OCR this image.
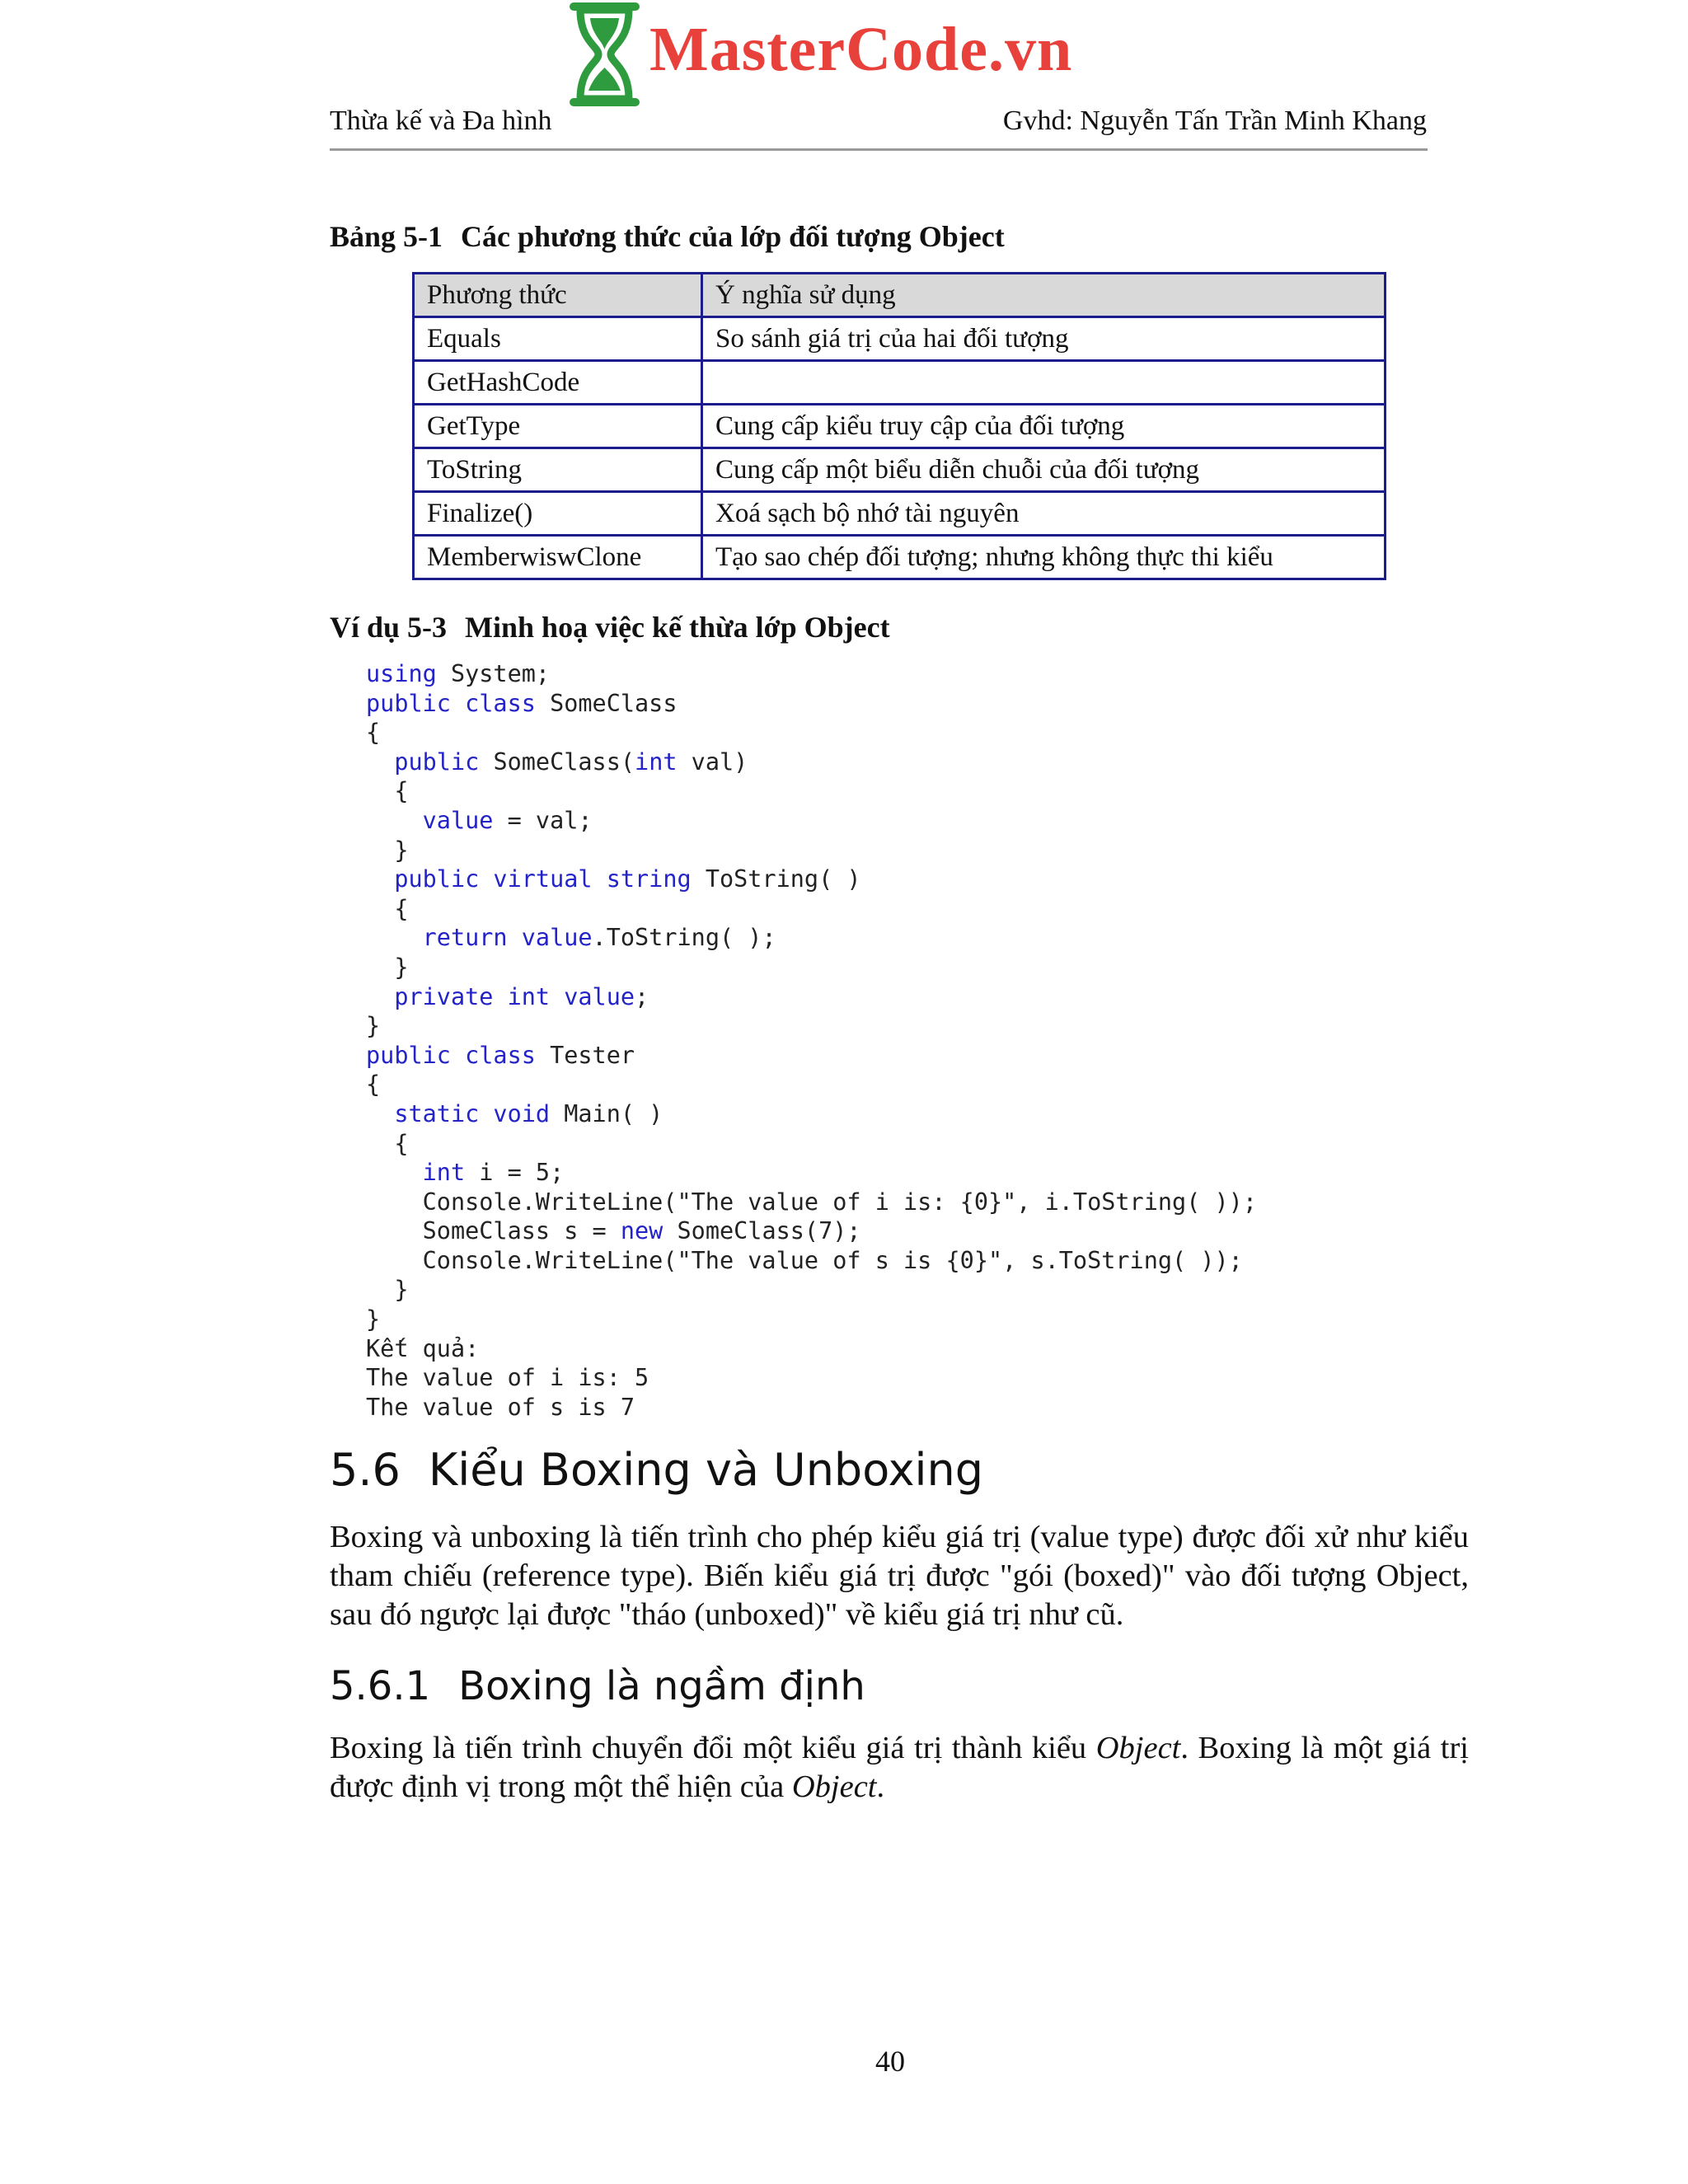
MasterCode.vn
Thừa kế và Đa hình	Gvhd: Nguyễn Tấn Trần Minh Khang
Bảng 5-1 Các phương thức của lớp đối tượng Object
Phương thức	Ý nghĩa sử dụng
Equals	So sánh giá trị của hai đối tượng
GetHashCode	
GetType	Cung cấp kiểu truy cập của đối tượng
ToString	Cung cấp một biểu diễn chuỗi của đối tượng
Finalize()	Xoá sạch bộ nhớ tài nguyên
MemberwiswClone	Tạo sao chép đối tượng; nhưng không thực thi kiểu
Ví dụ 5-3 Minh hoạ việc kế thừa lớp Object
using System;
public class SomeClass
{
public SomeClass(int val)
{
value = val;
}
public virtual string ToString( )
{
return value.ToString( );
}
private int value;
}
public class Tester
{
static void Main( )
{
int i = 5;
Console.WriteLine("The value of i is: {0}", i.ToString( ));
SomeClass s = new SomeClass(7);
Console.WriteLine("The value of s is {0}", s.ToString( ));
}
}
Kết quả:
The value of i is: 5
The value of s is 7
5.6 Kiểu Boxing và Unboxing
Boxing và unboxing là tiến trình cho phép kiểu giá trị (value type) được đối xử như kiểu tham chiếu (reference type). Biến kiểu giá trị được "gói (boxed)" vào đối tượng Object, sau đó ngược lại được "tháo (unboxed)" về kiểu giá trị như cũ.
5.6.1 Boxing là ngầm định
Boxing là tiến trình chuyển đổi một kiểu giá trị thành kiểu Object. Boxing là một giá trị được định vị trong một thể hiện của Object.
40
